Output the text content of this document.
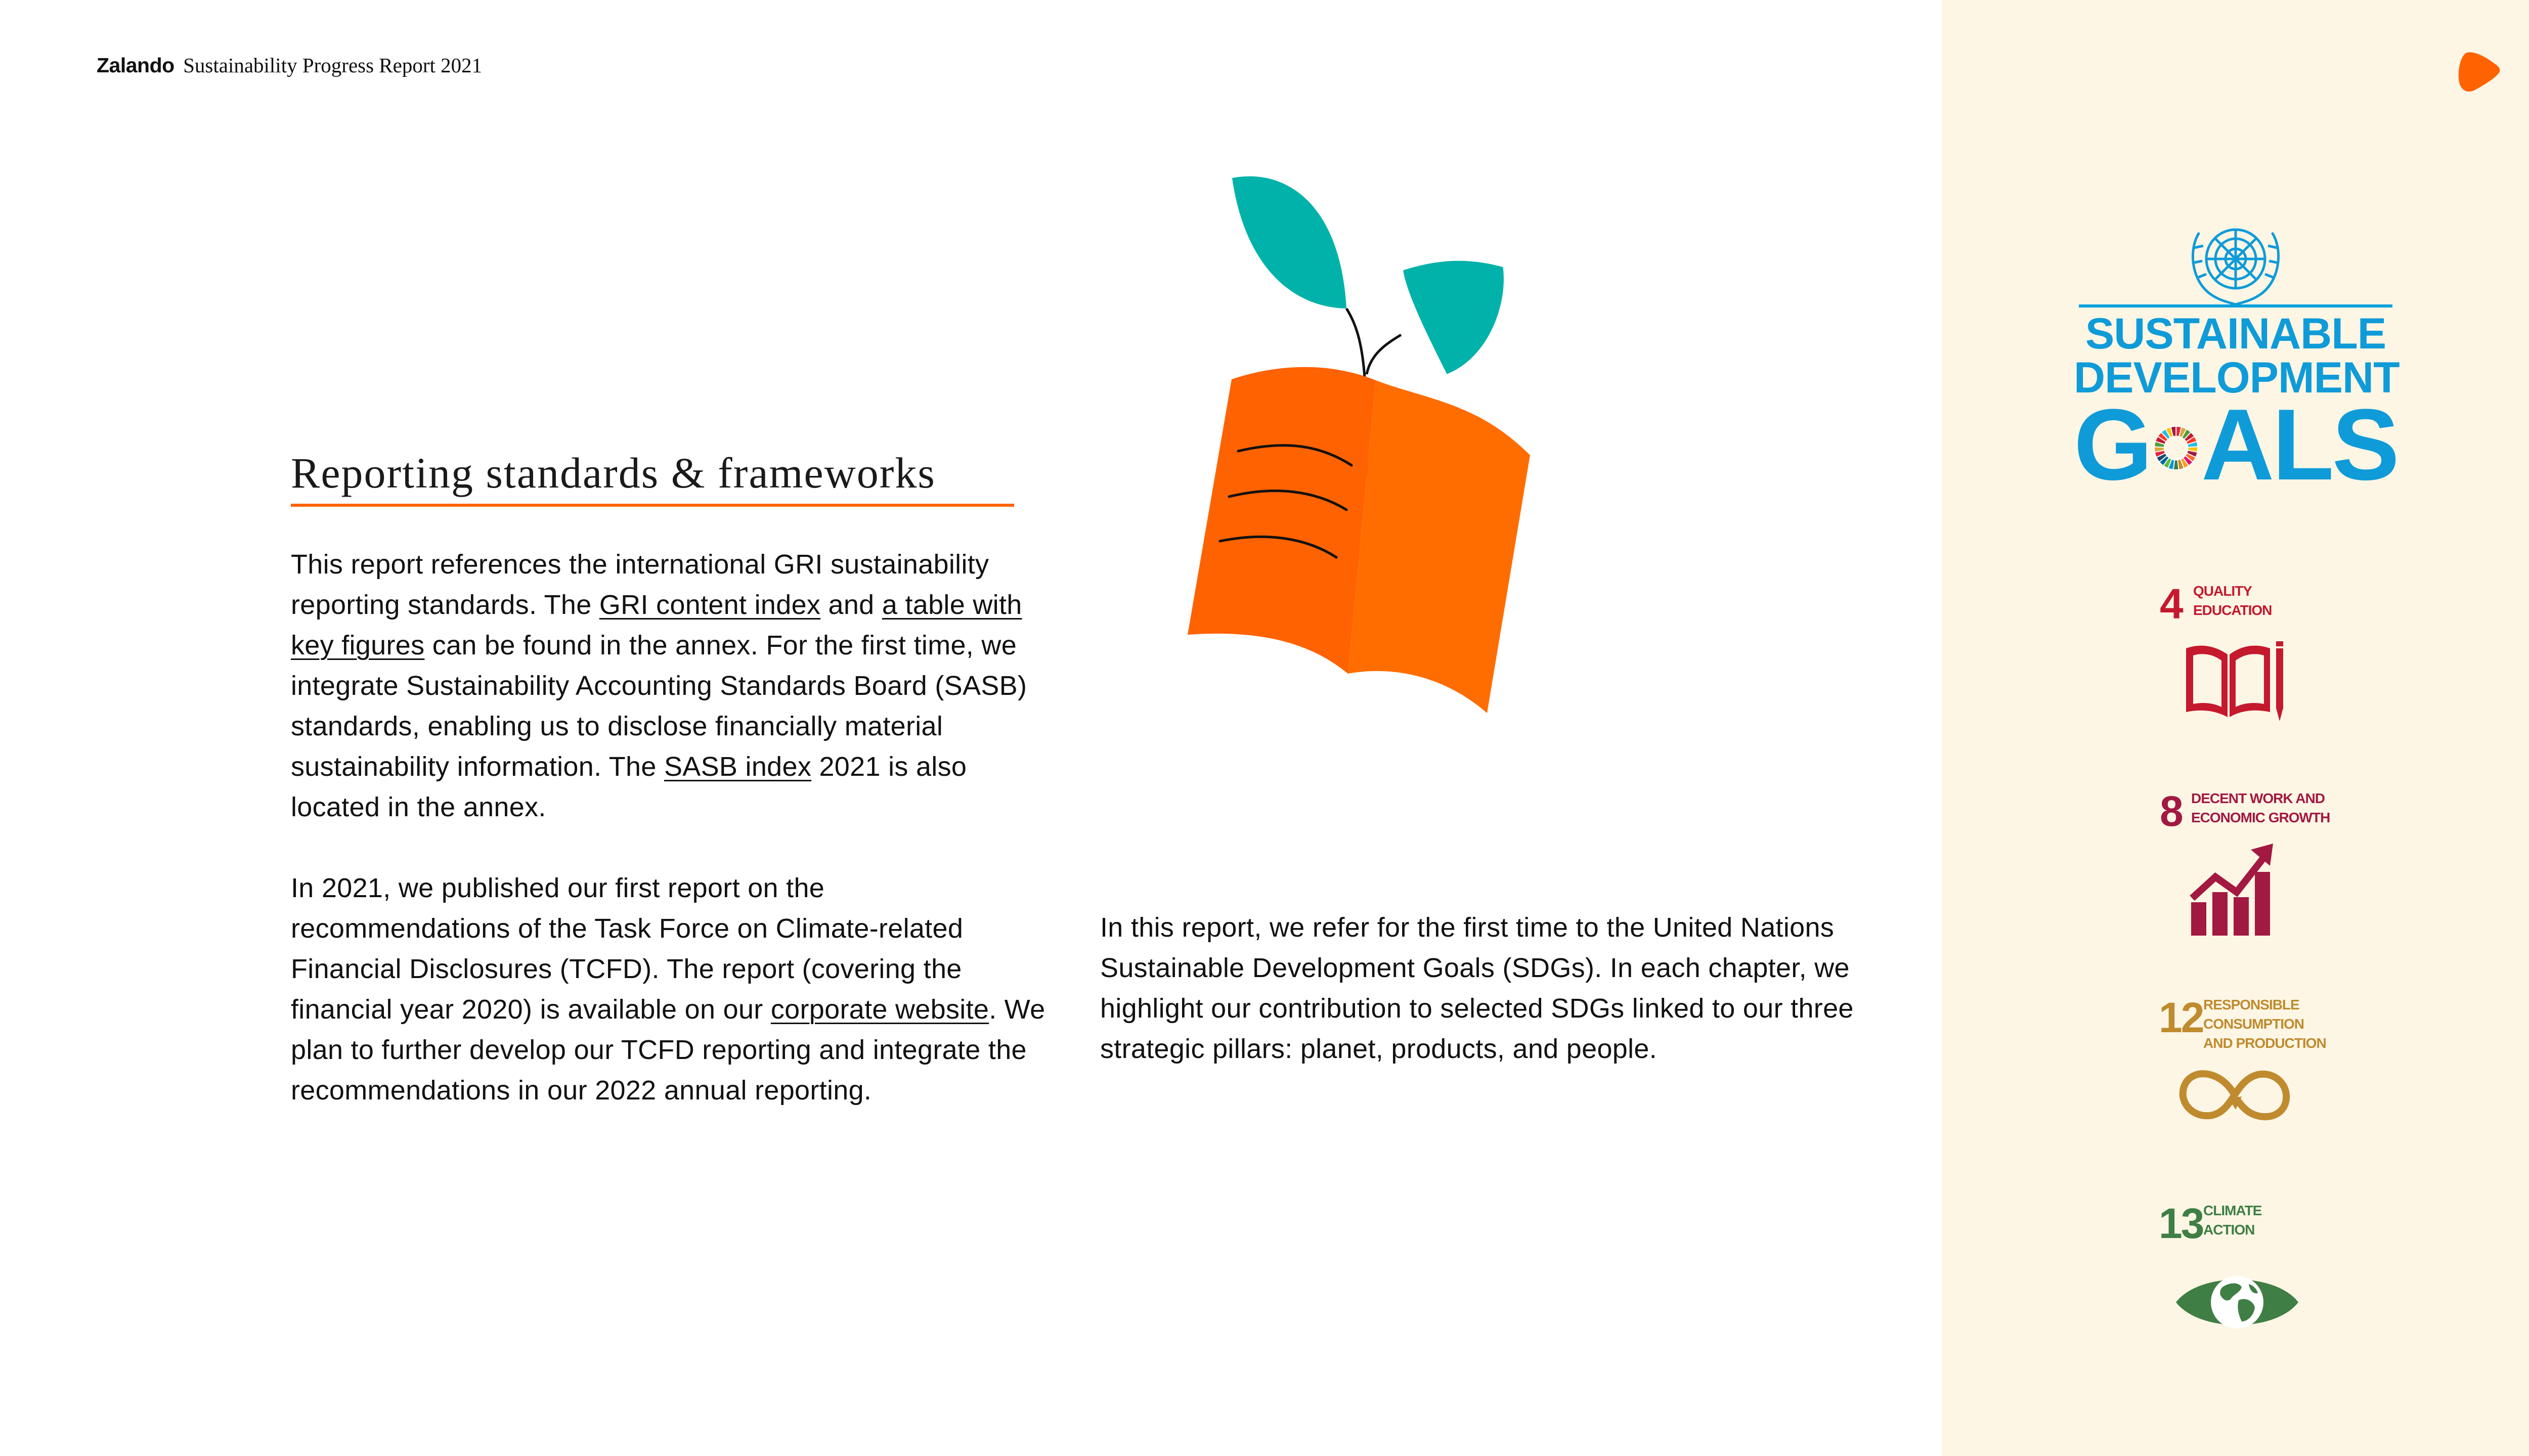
Zalando Sustainability Progress Report 2021
Reporting standards & frameworks

This report references the international GRI sustainability reporting standards. The GRI content index and a table with key figures can be found in the annex. For the first time, we integrate Sustainability Accounting Standards Board (SASB) standards, enabling us to disclose financially material sustainability information. The SASB index 2021 is also located in the annex.

In 2021, we published our first report on the recommendations of the Task Force on Climate-related Financial Disclosures (TCFD). The report (covering the financial year 2020) is available on our corporate website. We plan to further develop our TCFD reporting and integrate the recommendations in our 2022 annual reporting.

In this report, we refer for the first time to the United Nations Sustainable Development Goals (SDGs). In each chapter, we highlight our contribution to selected SDGs linked to our three strategic pillars: planet, products, and people.

SUSTAINABLE
DEVELOPMENT
G ALS
4 QUALITY
EDUCATION
8 DECENT WORK AND
ECONOMIC GROWTH
12 RESPONSIBLE
CONSUMPTION
AND PRODUCTION
13 CLIMATE
ACTION
